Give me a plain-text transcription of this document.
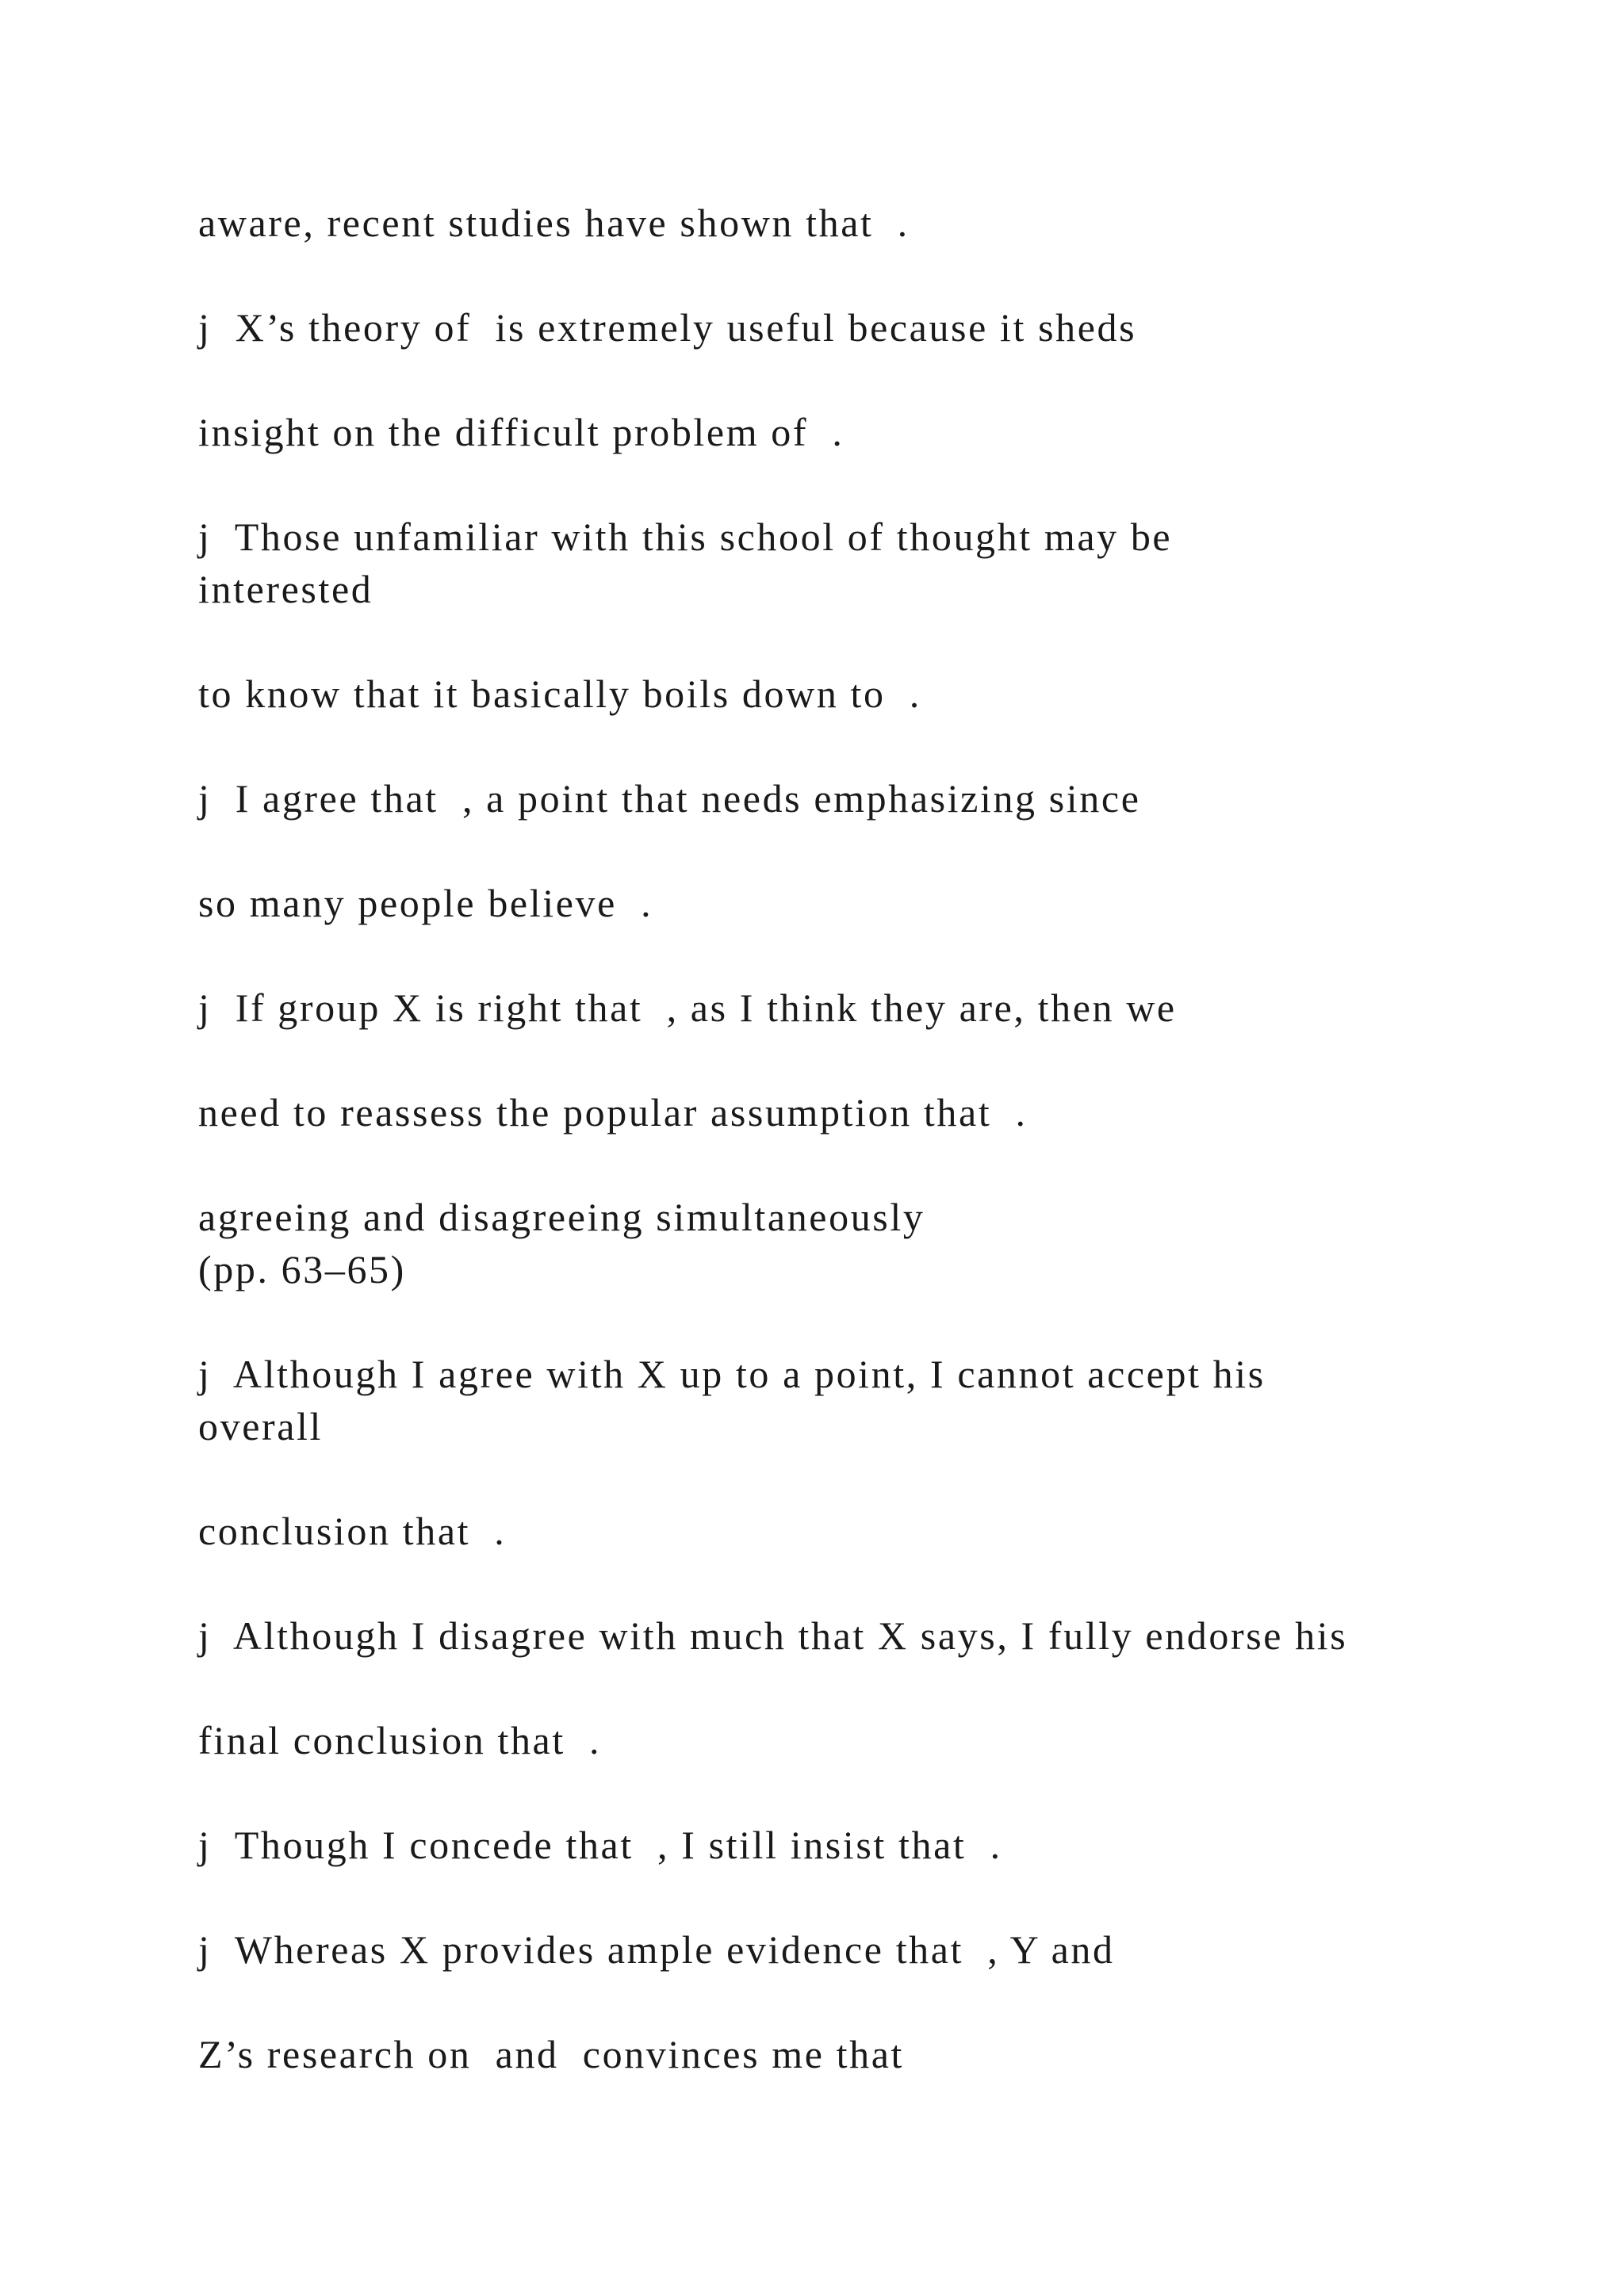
aware, recent studies have shown that  .

j  X’s theory of  is extremely useful because it sheds

insight on the difficult problem of  .

j  Those unfamiliar with this school of thought may be

interested

to know that it basically boils down to  .

j  I agree that  , a point that needs emphasizing since

so many people believe  .

j  If group X is right that  , as I think they are, then we

need to reassess the popular assumption that  .

agreeing and disagreeing simultaneously

(pp. 63–65)

j  Although I agree with X up to a point, I cannot accept his

overall

conclusion that  .

j  Although I disagree with much that X says, I fully endorse his

final conclusion that  .

j  Though I concede that  , I still insist that  .

j  Whereas X provides ample evidence that  , Y and

Z’s research on  and  convinces me that
